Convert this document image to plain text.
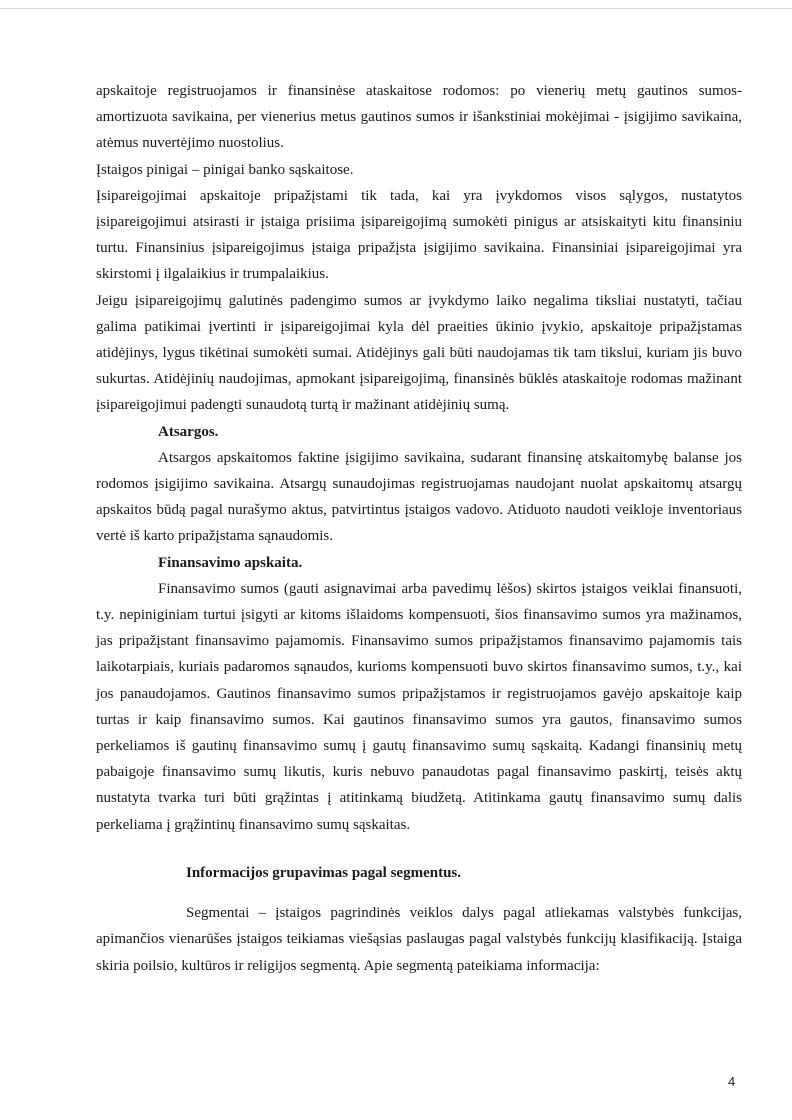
apskaitoje registruojamos ir finansinėse ataskaitose rodomos: po vienerių metų gautinos sumos- amortizuota savikaina, per vienerius metus gautinos sumos ir išankstiniai mokėjimai - įsigijimo savikaina, atėmus nuvertėjimo nuostolius.

Įstaigos pinigai – pinigai banko sąskaitose.

Įsipareigojimai apskaitoje pripažįstami tik tada, kai yra įvykdomos visos sąlygos, nustatytos įsipareigojimui atsirasti ir įstaiga prisiima įsipareigojimą sumokėti pinigus ar atsiskaityti kitu finansiniu turtu. Finansinius įsipareigojimus įstaiga pripažįsta įsigijimo savikaina. Finansiniai įsipareigojimai yra skirstomi į ilgalaikius ir trumpalaikius.

Jeigu įsipareigojimų galutinės padengimo sumos ar įvykdymo laiko negalima tiksliai nustatyti, tačiau galima patikimai įvertinti ir įsipareigojimai kyla dėl praeities ūkinio įvykio, apskaitoje pripažįstamas atidėjinys, lygus tikėtinai sumokėti sumai. Atidėjinys gali būti naudojamas tik tam tikslui, kuriam jis buvo sukurtas. Atidėjinių naudojimas, apmokant įsipareigojimą, finansinės būklės ataskaitoje rodomas mažinant įsipareigojimui padengti sunaudotą turtą ir mažinant atidėjinių sumą.

Atsargos.

Atsargos apskaitomos faktine įsigijimo savikaina, sudarant finansinę atskaitomybę balanse jos rodomos įsigijimo savikaina. Atsargų sunaudojimas registruojamas naudojant nuolat apskaitomų atsargų apskaitos būdą pagal nurašymo aktus, patvirtintus įstaigos vadovo. Atiduoto naudoti veikloje inventoriaus vertė iš karto pripažįstama sąnaudomis.

Finansavimo apskaita.

Finansavimo sumos (gauti asignavimai arba pavedimų lėšos) skirtos įstaigos veiklai finansuoti, t.y. nepiniginiam turtui įsigyti ar kitoms išlaidoms kompensuoti, šios finansavimo sumos yra mažinamos, jas pripažįstant finansavimo pajamomis. Finansavimo sumos pripažįstamos finansavimo pajamomis tais laikotarpiais, kuriais padaromos sąnaudos, kurioms kompensuoti buvo skirtos finansavimo sumos, t.y., kai jos panaudojamos. Gautinos finansavimo sumos pripažįstamos ir registruojamos gavėjo apskaitoje kaip turtas ir kaip finansavimo sumos. Kai gautinos finansavimo sumos yra gautos, finansavimo sumos perkeliamos iš gautinų finansavimo sumų į gautų finansavimo sumų sąskaitą. Kadangi finansinių metų pabaigoje finansavimo sumų likutis, kuris nebuvo panaudotas pagal finansavimo paskirtį, teisės aktų nustatyta tvarka turi būti grąžintas į atitinkamą biudžetą. Atitinkama gautų finansavimo sumų dalis perkeliama į grąžintinų finansavimo sumų sąskaitas.

Informacijos grupavimas pagal segmentus.

Segmentai – įstaigos pagrindinės veiklos dalys pagal atliekamas valstybės funkcijas, apimančios vienarūšes įstaigos teikiamas viešąsias paslaugas pagal valstybės funkcijų klasifikaciją. Įstaiga skiria poilsio, kultūros ir religijos segmentą. Apie segmentą pateikiama informacija:

4
